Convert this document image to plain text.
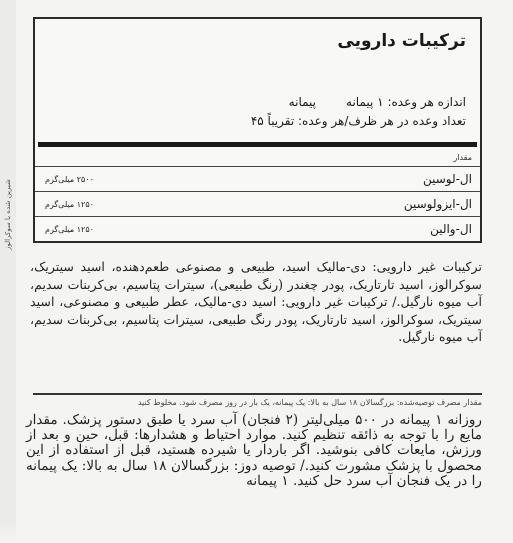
شیرین شده با سوکرالوز
ترکیبات دارویی
اندازه هر وعده: ۱ پیمانه
پیمانه
تعداد وعده در هر ظرف/هر وعده: تقریباً ۴۵
مقدار
ال-لوسین
۲۵۰۰ میلی‌گرم
ال-ایزولوسین
۱۲۵۰ میلی‌گرم
ال-والین
۱۲۵۰ میلی‌گرم
ترکیبات غیر دارویی: دی-مالیک اسید، طبیعی و مصنوعی طعم‌دهنده، اسید سیتریک، سوکرالوز، اسید تارتاریک، پودر چغندر (رنگ طبیعی)، سیترات پتاسیم، بی‌کربنات سدیم، آب میوه نارگیل./ ترکیبات غیر دارویی: اسید دی-مالیک، عطر طبیعی و مصنوعی، اسید سیتریک، سوکرالوز، اسید تارتاریک، پودر رنگ طبیعی، سیترات پتاسیم، بی‌کربنات سدیم، آب میوه نارگیل.
مقدار مصرف توصیه‌شده: بزرگسالان ۱۸ سال به بالا: یک پیمانه، یک بار در روز مصرف شود. مخلوط کنید
روزانه ۱ پیمانه در ۵۰۰ میلی‌لیتر (۲ فنجان) آب سرد یا طبق دستور پزشک. مقدار مایع را با توجه به ذائقه تنظیم کنید. موارد احتیاط و هشدارها: قبل، حین و بعد از ورزش، مایعات کافی بنوشید. اگر باردار یا شیرده هستید، قبل از استفاده از این محصول با پزشک مشورت کنید./ توصیه دوز: بزرگسالان ۱۸ سال به بالا: یک پیمانه را در یک فنجان آب سرد حل کنید. ۱ پیمانه
